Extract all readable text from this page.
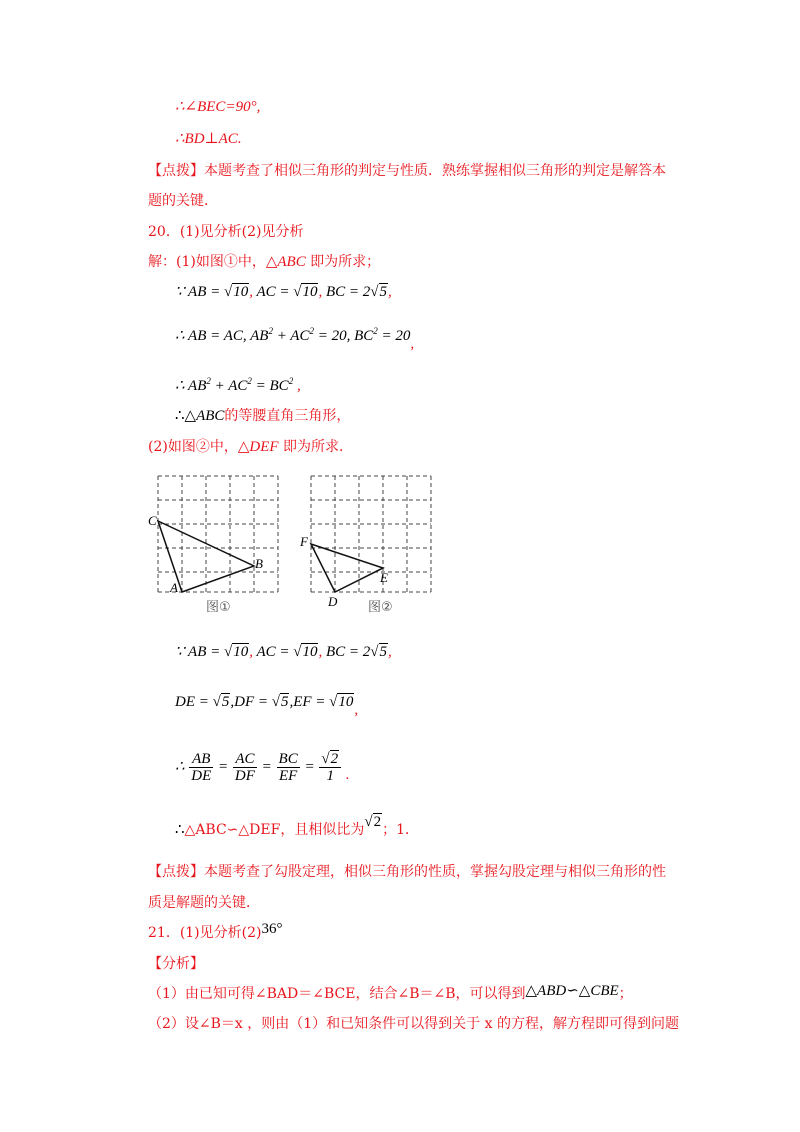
∴∠BEC=90°,
∴BD⊥AC.
【点拨】本题考查了相似三角形的判定与性质．熟练掌握相似三角形的判定是解答本
题的关键．
20．(1)见分析(2)见分析
解：(1)如图①中，△ABC 即为所求；
∵ AB = √10, AC = √10, BC = 2√5,
∴ AB = AC, $AB^2 + AC^2 = 20$, $BC^2 = 20$,
∴ $AB^2 + AC^2 = BC^2$ ,
∴△ABC的等腰直角三角形，
(2)如图②中，△DEF 即为所求．
C
A
B
F
E
D
图①	图②
∵ AB = √10, AC = √10, BC = 2√5,
DE = √5,DF = √5,EF = √10,
∴ $\frac{AB}{DE} = \frac{AC}{DF} = \frac{BC}{EF} = \frac{√2}{1}$ .
∴△ABC∽△DEF，且相似比为√2；1．
【点拨】本题考查了勾股定理，相似三角形的性质，掌握勾股定理与相似三角形的性
质是解题的关键．
21．(1)见分析(2)36°
【分析】
（1）由已知可得∠BAD＝∠BCE，结合∠B＝∠B，可以得到△ABD∽△CBE；
（2）设∠B＝x ，则由（1）和已知条件可以得到关于 x 的方程，解方程即可得到问题
